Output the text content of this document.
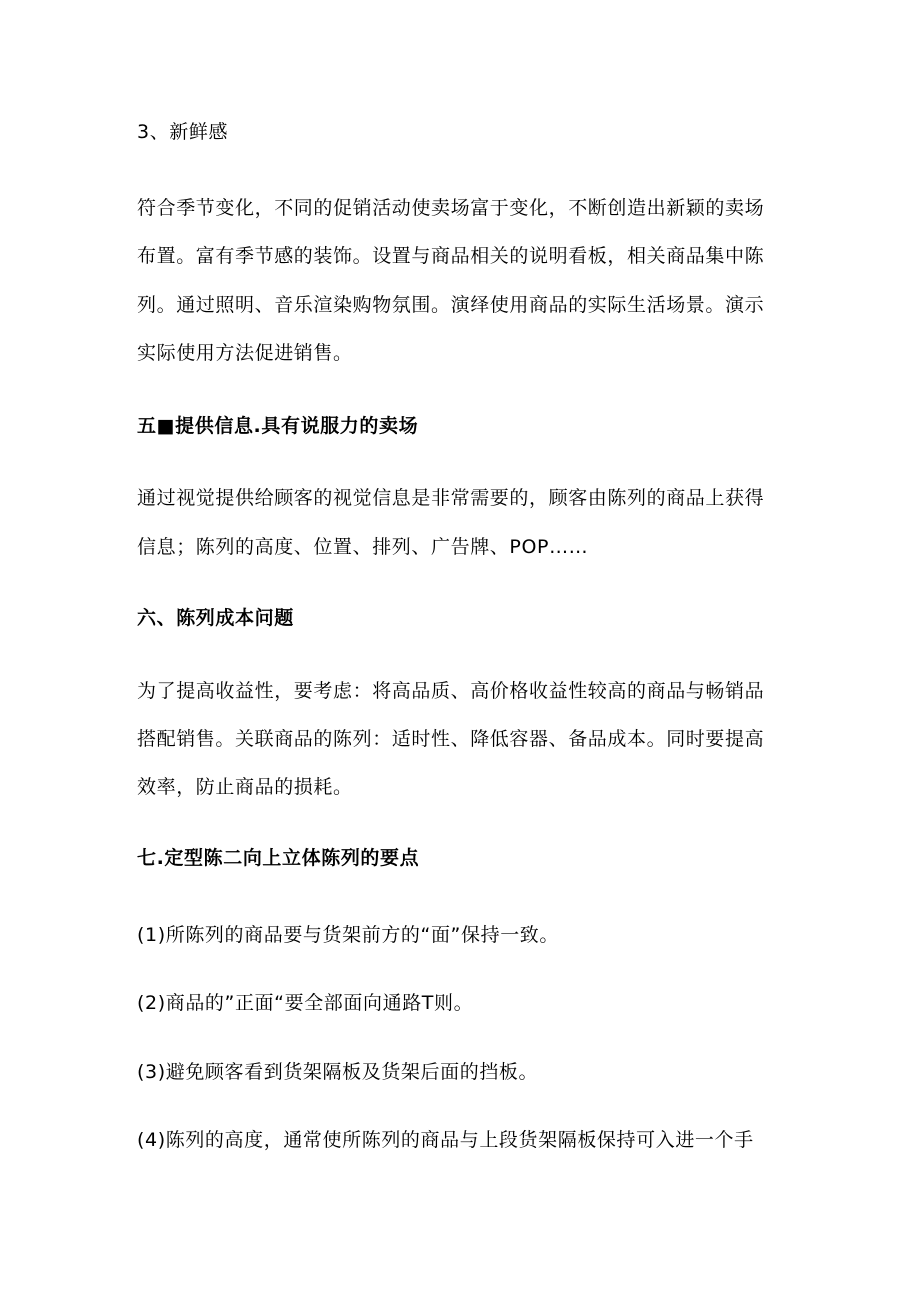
3、新鲜感
符合季节变化，不同的促销活动使卖场富于变化，不断创造出新颖的卖场
布置。富有季节感的装饰。设置与商品相关的说明看板，相关商品集中陈
列。通过照明、音乐渲染购物氛围。演绎使用商品的实际生活场景。演示
实际使用方法促进销售。
五■提供信息.具有说服力的卖场
通过视觉提供给顾客的视觉信息是非常需要的，顾客由陈列的商品上获得
信息；陈列的高度、位置、排列、广告牌、POP……
六、陈列成本问题
为了提高收益性，要考虑：将高品质、高价格收益性较高的商品与畅销品
搭配销售。关联商品的陈列：适时性、降低容器、备品成本。同时要提高
效率，防止商品的损耗。
七.定型陈二向上立体陈列的要点
(1)所陈列的商品要与货架前方的“面”保持一致。
(2)商品的”正面“要全部面向通路T则。
(3)避免顾客看到货架隔板及货架后面的挡板。
(4)陈列的高度，通常使所陈列的商品与上段货架隔板保持可入进一个手
